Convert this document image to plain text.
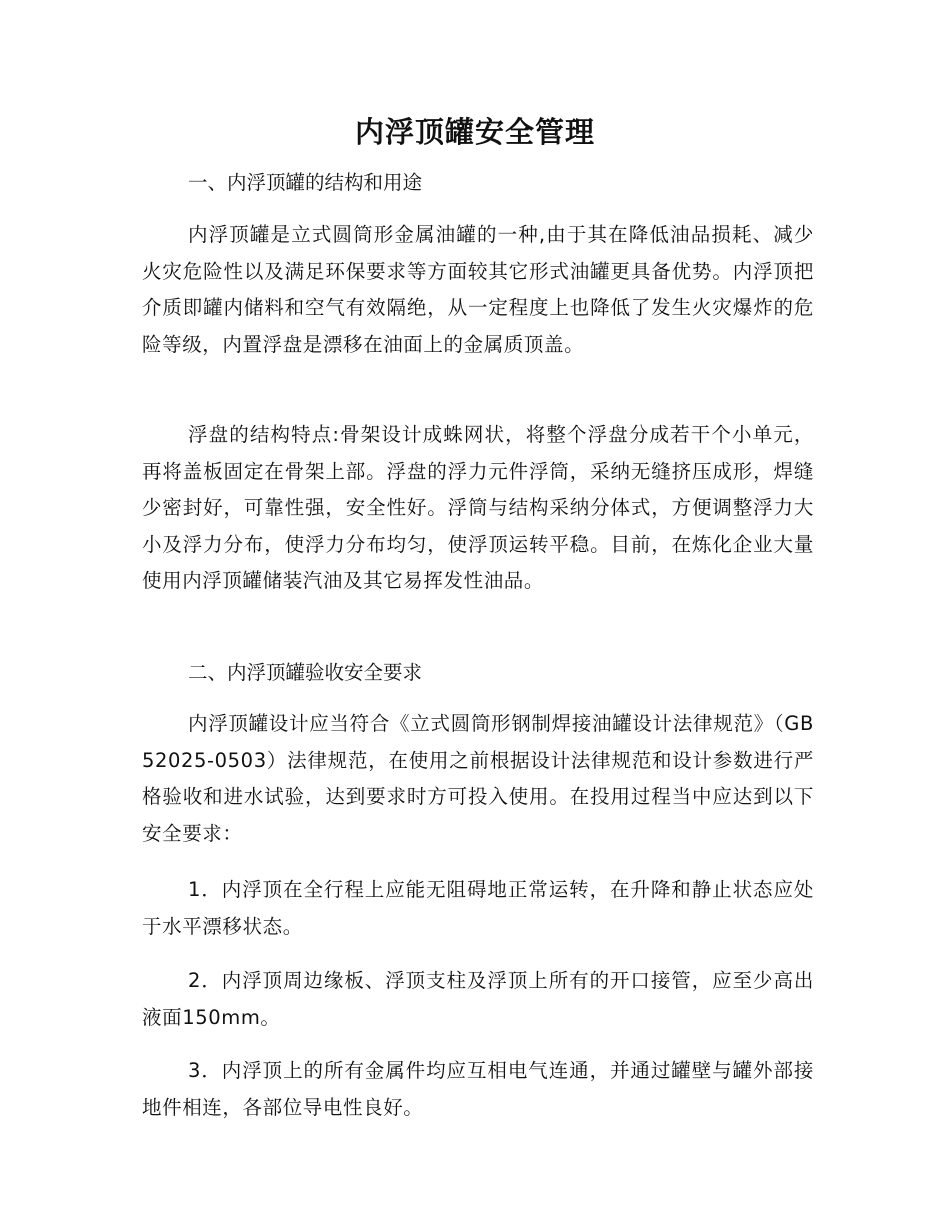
内浮顶罐安全管理

一、内浮顶罐的结构和用途

内浮顶罐是立式圆筒形金属油罐的一种,由于其在降低油品损耗、减少火灾危险性以及满足环保要求等方面较其它形式油罐更具备优势。内浮顶把介质即罐内储料和空气有效隔绝，从一定程度上也降低了发生火灾爆炸的危险等级，内置浮盘是漂移在油面上的金属质顶盖。

浮盘的结构特点:骨架设计成蛛网状，将整个浮盘分成若干个小单元，再将盖板固定在骨架上部。浮盘的浮力元件浮筒，采纳无缝挤压成形，焊缝少密封好，可靠性强，安全性好。浮筒与结构采纳分体式，方便调整浮力大小及浮力分布，使浮力分布均匀，使浮顶运转平稳。目前，在炼化企业大量使用内浮顶罐储装汽油及其它易挥发性油品。

二、内浮顶罐验收安全要求

内浮顶罐设计应当符合《立式圆筒形钢制焊接油罐设计法律规范》（GB52025-0503）法律规范，在使用之前根据设计法律规范和设计参数进行严格验收和进水试验，达到要求时方可投入使用。在投用过程当中应达到以下安全要求：

1．内浮顶在全行程上应能无阻碍地正常运转，在升降和静止状态应处于水平漂移状态。

2．内浮顶周边缘板、浮顶支柱及浮顶上所有的开口接管，应至少高出液面150mm。

3．内浮顶上的所有金属件均应互相电气连通，并通过罐壁与罐外部接地件相连，各部位导电性良好。
